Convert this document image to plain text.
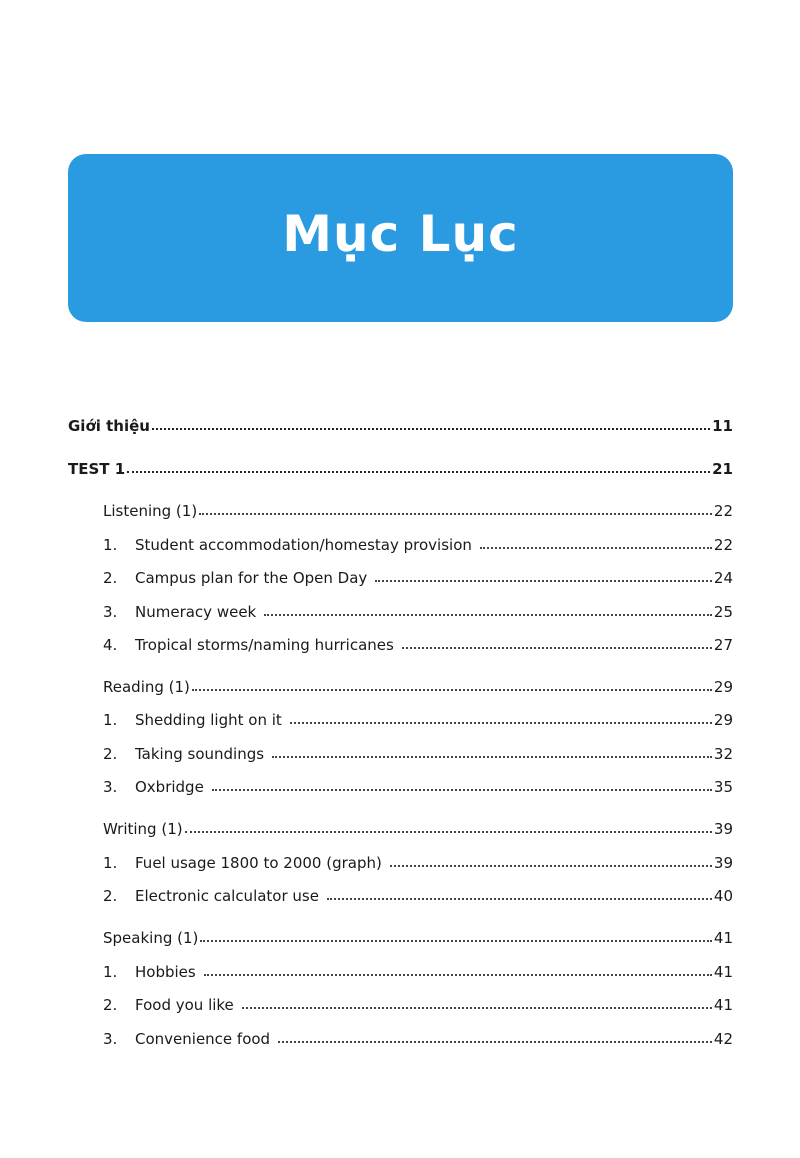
Mục Lục
Giới thiệu	11
TEST 1	21
Listening (1)	22
1. Student accommodation/homestay provision	22
2. Campus plan for the Open Day	24
3. Numeracy week	25
4. Tropical storms/naming hurricanes	27
Reading (1)	29
1. Shedding light on it	29
2. Taking soundings	32
3. Oxbridge	35
Writing (1)	39
1. Fuel usage 1800 to 2000 (graph)	39
2. Electronic calculator use	40
Speaking (1)	41
1. Hobbies	41
2. Food you like	41
3. Convenience food	42
